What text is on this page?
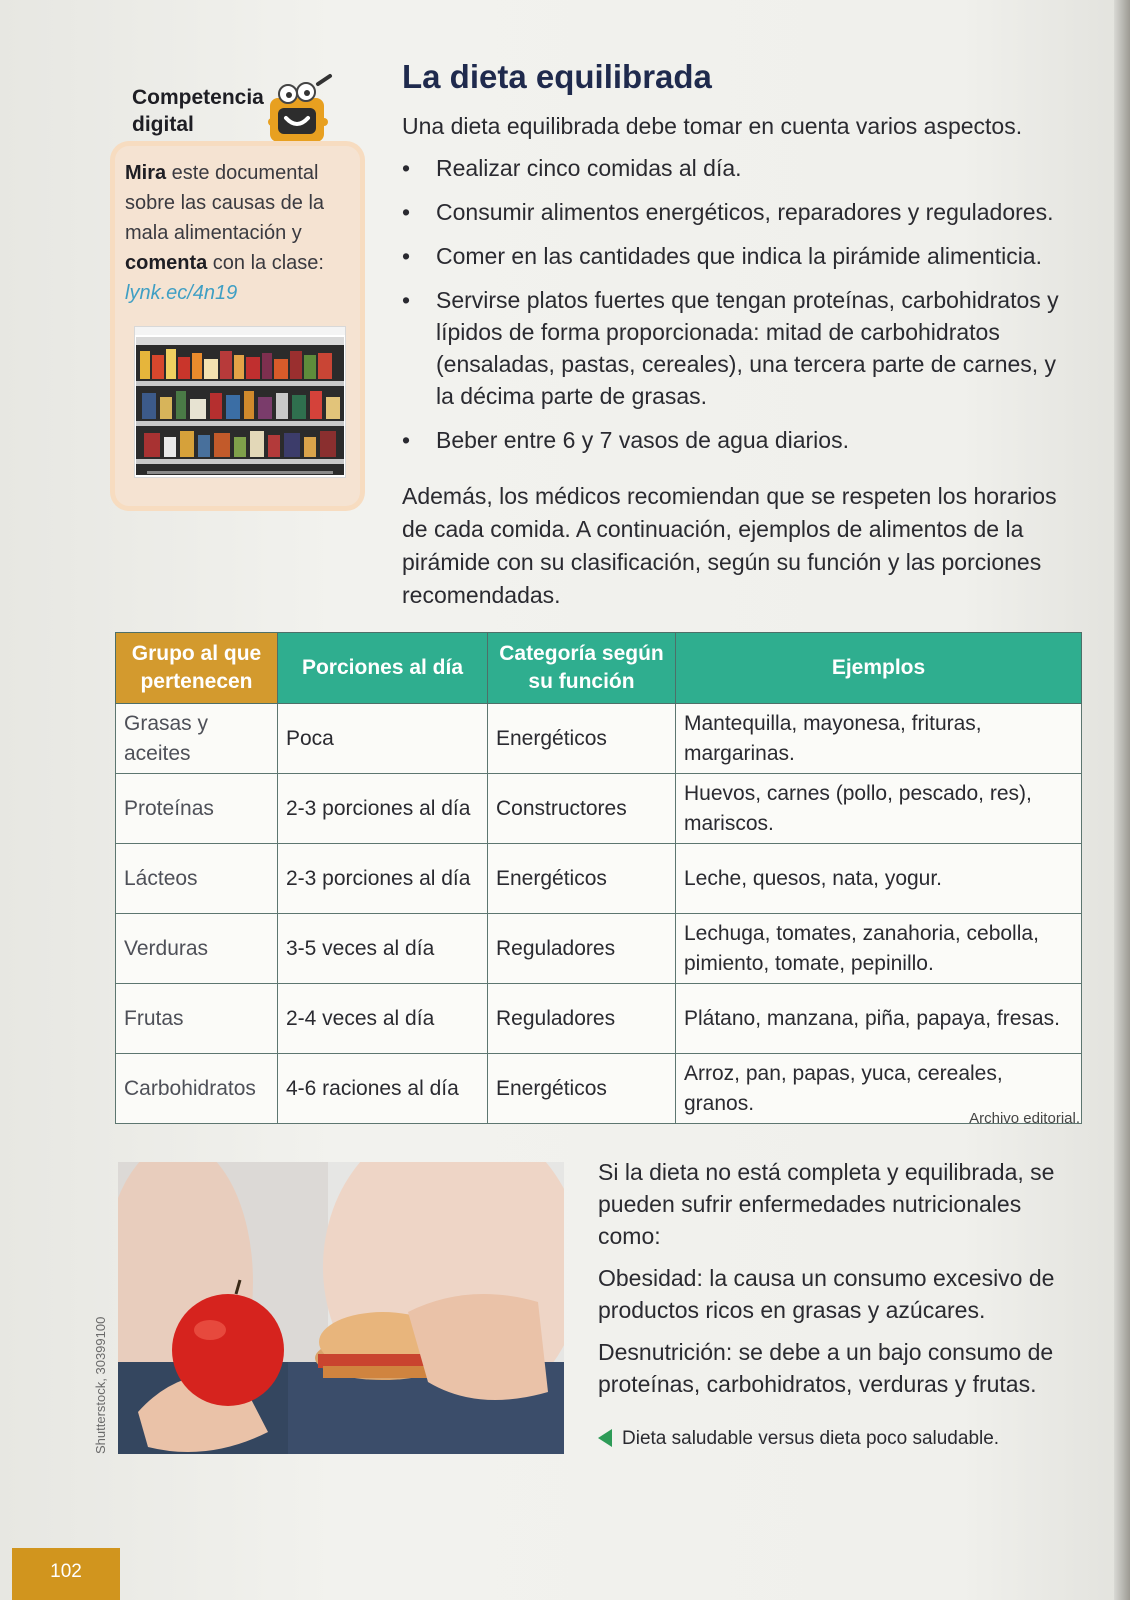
Competencia
digital
Mira este documental sobre las causas de la mala alimentación y comenta con la clase:
lynk.ec/4n19
La dieta equilibrada
Una dieta equilibrada debe tomar en cuenta varios aspectos.
• Realizar cinco comidas al día.
• Consumir alimentos energéticos, reparadores y reguladores.
• Comer en las cantidades que indica la pirámide alimenticia.
• Servirse platos fuertes que tengan proteínas, carbohidratos y lípidos de forma proporcionada: mitad de carbohidratos (ensaladas, pastas, cereales), una tercera parte de carnes, y la décima parte de grasas.
• Beber entre 6 y 7 vasos de agua diarios.

Además, los médicos recomiendan que se respeten los horarios de cada comida. A continuación, ejemplos de alimentos de la pirámide con su clasificación, según su función y las porciones recomendadas.

Grupo al que pertenecen	Porciones al día	Categoría según su función	Ejemplos
Grasas y aceites	Poca	Energéticos	Mantequilla, mayonesa, frituras, margarinas.
Proteínas	2-3 porciones al día	Constructores	Huevos, carnes (pollo, pescado, res), mariscos.
Lácteos	2-3 porciones al día	Energéticos	Leche, quesos, nata, yogur.
Verduras	3-5 veces al día	Reguladores	Lechuga, tomates, zanahoria, cebolla, pimiento, tomate, pepinillo.
Frutas	2-4 veces al día	Reguladores	Plátano, manzana, piña, papaya, fresas.
Carbohidratos	4-6 raciones al día	Energéticos	Arroz, pan, papas, yuca, cereales, granos.
Archivo editorial.
Shutterstock, 30399100

Si la dieta no está completa y equilibrada, se pueden sufrir enfermedades nutricionales como:

Obesidad: la causa un consumo excesivo de productos ricos en grasas y azúcares.

Desnutrición: se debe a un bajo consumo de proteínas, carbohidratos, verduras y frutas.

Dieta saludable versus dieta poco saludable.
102
